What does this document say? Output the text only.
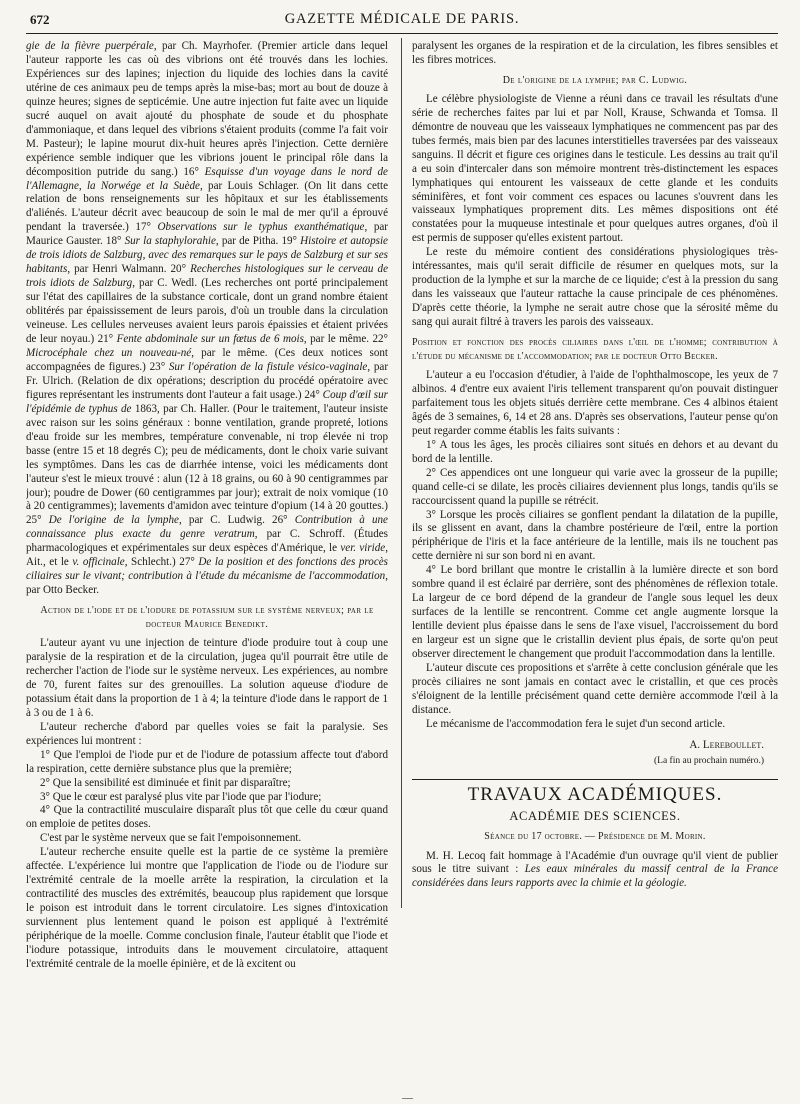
672	GAZETTE MÉDICALE DE PARIS.

gie de la fièvre puerpérale, par Ch. Mayrhofer. (Premier article dans lequel l'auteur rapporte les cas où des vibrions ont été trouvés dans les lochies. Expériences sur des lapines; injection du liquide des lochies dans la cavité utérine de ces animaux peu de temps après la mise-bas; mort au bout de douze à quinze heures; signes de septicémie. Une autre injection fut faite avec un liquide sucré auquel on avait ajouté du phosphate de soude et du phosphate d'ammoniaque, et dans lequel des vibrions s'étaient produits (comme l'a fait voir M. Pasteur); le lapine mourut dix-huit heures après l'injection. Cette dernière expérience semble indiquer que les vibrions jouent le principal rôle dans la décomposition putride du sang.) 16° Esquisse d'un voyage dans le nord de l'Allemagne, la Norwége et la Suède, par Louis Schlager. (On lit dans cette relation de bons renseignements sur les hôpitaux et sur les établissements d'aliénés. L'auteur décrit avec beaucoup de soin le mal de mer qu'il a éprouvé pendant la traversée.) 17° Observations sur le typhus exanthématique, par Maurice Gauster. 18° Sur la staphylorahie, par de Pitha. 19° Histoire et autopsie de trois idiots de Salzburg, avec des remarques sur le pays de Salzburg et sur ses habitants, par Henri Walmann. 20° Recherches histologiques sur le cerveau de trois idiots de Salzburg, par C. Wedl. (Les recherches ont porté principalement sur l'état des capillaires de la substance corticale, dont un grand nombre étaient oblitérés par épaississement de leurs parois, d'où un trouble dans la circulation veineuse. Les cellules nerveuses avaient leurs parois épaissies et étaient privées de leur noyau.) 21° Fente abdominale sur un fœtus de 6 mois, par le même. 22° Microcéphale chez un nouveau-né, par le même. (Ces deux notices sont accompagnées de figures.) 23° Sur l'opération de la fistule vésico-vaginale, par Fr. Ulrich. (Relation de dix opérations; description du procédé opératoire avec figures représentant les instruments dont l'auteur a fait usage.) 24° Coup d'œil sur l'épidémie de typhus de 1863, par Ch. Haller. (Pour le traitement, l'auteur insiste avec raison sur les soins généraux : bonne ventilation, grande propreté, lotions d'eau froide sur les membres, température convenable, ni trop élevée ni trop basse (entre 15 et 18 degrés C); peu de médicaments, dont le choix varie suivant les symptômes. Dans les cas de diarrhée intense, voici les médicaments dont l'auteur s'est le mieux trouvé : alun (12 à 18 grains, ou 60 à 90 centigrammes par jour); poudre de Dower (60 centigrammes par jour); extrait de noix vomique (10 à 20 centigrammes); lavements d'amidon avec teinture d'opium (14 à 20 gouttes.) 25° De l'origine de la lymphe, par C. Ludwig. 26° Contribution à une connaissance plus exacte du genre veratrum, par C. Schroff. (Études pharmacologiques et expérimentales sur deux espèces d'Amérique, le ver. viride, Ait., et le v. officinale, Schlecht.) 27° De la position et des fonctions des procès ciliaires sur le vivant; contribution à l'étude du mécanisme de l'accommodation, par Otto Becker.

Action de l'iode et de l'iodure de potassium sur le système nerveux; par le docteur Maurice Benedikt.

L'auteur ayant vu une injection de teinture d'iode produire tout à coup une paralysie de la respiration et de la circulation, jugea qu'il pourrait être utile de rechercher l'action de l'iode sur le système nerveux. Les expériences, au nombre de 70, furent faites sur des grenouilles. La solution aqueuse d'iodure de potassium était dans la proportion de 1 à 4; la teinture d'iode dans le rapport de 1 à 3 ou de 1 à 6.

L'auteur recherche d'abord par quelles voies se fait la paralysie. Ses expériences lui montrent :

1° Que l'emploi de l'iode pur et de l'iodure de potassium affecte tout d'abord la respiration, cette dernière substance plus que la première;

2° Que la sensibilité est diminuée et finit par disparaître;

3° Que le cœur est paralysé plus vite par l'iode que par l'iodure;

4° Que la contractilité musculaire disparaît plus tôt que celle du cœur quand on emploie de petites doses.

C'est par le système nerveux que se fait l'empoisonnement.

L'auteur recherche ensuite quelle est la partie de ce système la première affectée. L'expérience lui montre que l'application de l'iode ou de l'iodure sur l'extrémité centrale de la moelle arrête la respiration, la circulation et la contractilité des muscles des extrémités, beaucoup plus rapidement que lorsque le poison est introduit dans le torrent circulatoire. Les signes d'intoxication surviennent plus lentement quand le poison est appliqué à l'extrémité périphérique de la moelle. Comme conclusion finale, l'auteur établit que l'iode et l'iodure potassique, introduits dans le mouvement circulatoire, attaquent l'extrémité centrale de la moelle épinière, et de là excitent ou

paralysent les organes de la respiration et de la circulation, les fibres sensibles et les fibres motrices.

De l'origine de la lymphe; par C. Ludwig.

Le célèbre physiologiste de Vienne a réuni dans ce travail les résultats d'une série de recherches faites par lui et par Noll, Krause, Schwanda et Tomsa. Il démontre de nouveau que les vaisseaux lymphatiques ne commencent pas par des tubes fermés, mais bien par des lacunes interstitielles traversées par des vaisseaux sanguins. Il décrit et figure ces origines dans le testicule. Les dessins au trait qu'il a eu soin d'intercaler dans son mémoire montrent très-distinctement les espaces lymphatiques qui entourent les vaisseaux de cette glande et les conduits séminifères, et font voir comment ces espaces ou lacunes s'ouvrent dans les vaisseaux lymphatiques proprement dits. Les mêmes dispositions ont été constatées pour la muqueuse intestinale et pour quelques autres organes, d'où il est permis de supposer qu'elles existent partout.

Le reste du mémoire contient des considérations physiologiques très-intéressantes, mais qu'il serait difficile de résumer en quelques mots, sur la production de la lymphe et sur la marche de ce liquide; c'est à la pression du sang dans les vaisseaux que l'auteur rattache la cause principale de ces phénomènes. D'après cette théorie, la lymphe ne serait autre chose que la sérosité même du sang qui aurait filtré à travers les parois des vaisseaux.

Position et fonction des procès ciliaires dans l'œil de l'homme; contribution à l'étude du mécanisme de l'accommodation; par le docteur Otto Becker.

L'auteur a eu l'occasion d'étudier, à l'aide de l'ophthalmoscope, les yeux de 7 albinos. 4 d'entre eux avaient l'iris tellement transparent qu'on pouvait distinguer parfaitement tous les objets situés derrière cette membrane. Ces 4 albinos étaient âgés de 3 semaines, 6, 14 et 28 ans. D'après ses observations, l'auteur pense qu'on peut regarder comme établis les faits suivants :

1° A tous les âges, les procès ciliaires sont situés en dehors et au devant du bord de la lentille.

2° Ces appendices ont une longueur qui varie avec la grosseur de la pupille; quand celle-ci se dilate, les procès ciliaires deviennent plus longs, tandis qu'ils se raccourcissent quand la pupille se rétrécit.

3° Lorsque les procès ciliaires se gonflent pendant la dilatation de la pupille, ils se glissent en avant, dans la chambre postérieure de l'œil, entre la portion périphérique de l'iris et la face antérieure de la lentille, mais ils ne touchent pas cette dernière ni sur son bord ni en avant.

4° Le bord brillant que montre le cristallin à la lumière directe et son bord sombre quand il est éclairé par derrière, sont des phénomènes de réflexion totale. La largeur de ce bord dépend de la grandeur de l'angle sous lequel les deux surfaces de la lentille se rencontrent. Comme cet angle augmente lorsque la lentille devient plus épaisse dans le sens de l'axe visuel, l'accroissement du bord en largeur est un signe que le cristallin devient plus épais, de sorte qu'on peut observer directement le changement que produit l'accommodation dans la lentille.

L'auteur discute ces propositions et s'arrête à cette conclusion générale que les procès ciliaires ne sont jamais en contact avec le cristallin, et que ces procès s'éloignent de la lentille précisément quand cette dernière accommode l'œil à la distance.

Le mécanisme de l'accommodation fera le sujet d'un second article.

A. Lereboullet.

(La fin au prochain numéro.)

TRAVAUX ACADÉMIQUES.

ACADÉMIE DES SCIENCES.

Séance du 17 octobre. — Présidence de M. Morin.

M. H. Lecoq fait hommage à l'Académie d'un ouvrage qu'il vient de publier sous le titre suivant : Les eaux minérales du massif central de la France considérées dans leurs rapports avec la chimie et la géologie.

—
